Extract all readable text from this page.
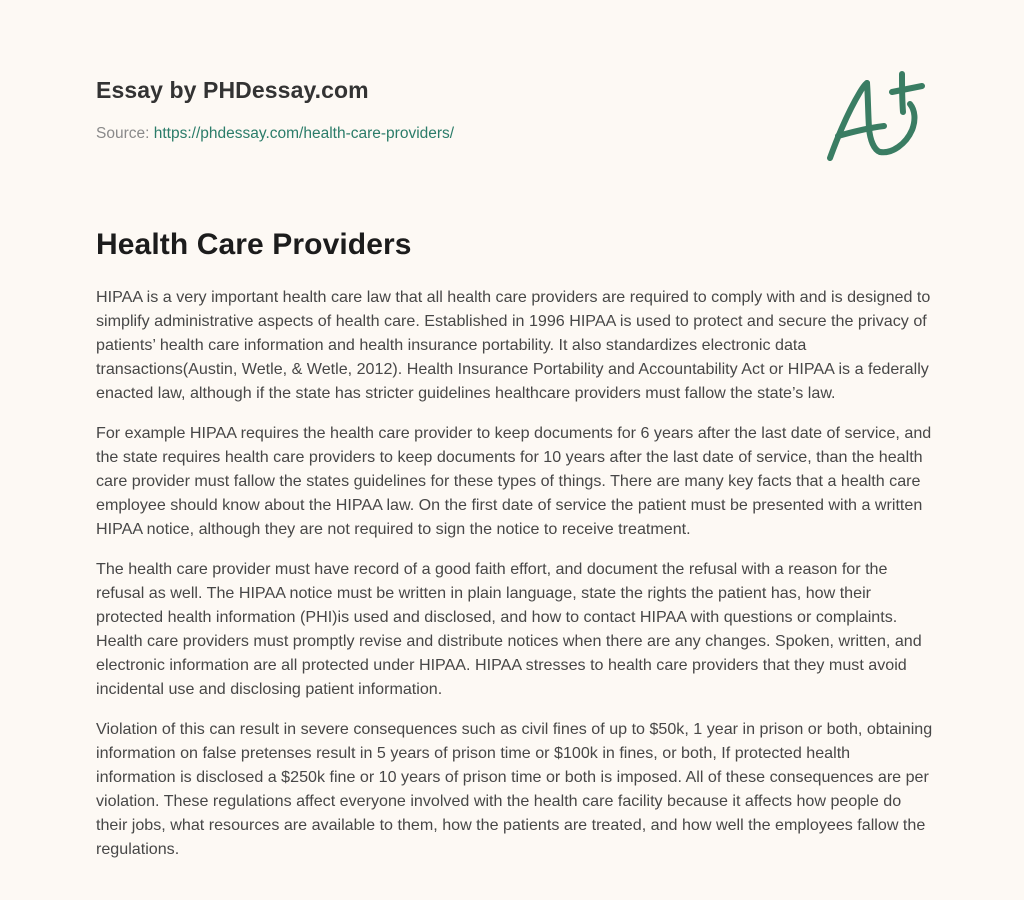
Essay by PHDessay.com
Source: https://phdessay.com/health-care-providers/
Health Care Providers

HIPAA is a very important health care law that all health care providers are required to comply with and is designed to simplify administrative aspects of health care. Established in 1996 HIPAA is used to protect and secure the privacy of patients’ health care information and health insurance portability. It also standardizes electronic data transactions(Austin, Wetle, & Wetle, 2012). Health Insurance Portability and Accountability Act or HIPAA is a federally enacted law, although if the state has stricter guidelines healthcare providers must fallow the state’s law.

For example HIPAA requires the health care provider to keep documents for 6 years after the last date of service, and the state requires health care providers to keep documents for 10 years after the last date of service, than the health care provider must fallow the states guidelines for these types of things. There are many key facts that a health care employee should know about the HIPAA law. On the first date of service the patient must be presented with a written HIPAA notice, although they are not required to sign the notice to receive treatment.

The health care provider must have record of a good faith effort, and document the refusal with a reason for the refusal as well. The HIPAA notice must be written in plain language, state the rights the patient has, how their protected health information (PHI)is used and disclosed, and how to contact HIPAA with questions or complaints. Health care providers must promptly revise and distribute notices when there are any changes. Spoken, written, and electronic information are all protected under HIPAA. HIPAA stresses to health care providers that they must avoid incidental use and disclosing patient information.

Violation of this can result in severe consequences such as civil fines of up to $50k, 1 year in prison or both, obtaining information on false pretenses result in 5 years of prison time or $100k in fines, or both, If protected health information is disclosed a $250k fine or 10 years of prison time or both is imposed. All of these consequences are per violation. These regulations affect everyone involved with the health care facility because it affects how people do their jobs, what resources are available to them, how the patients are treated, and how well the employees fallow the regulations.
